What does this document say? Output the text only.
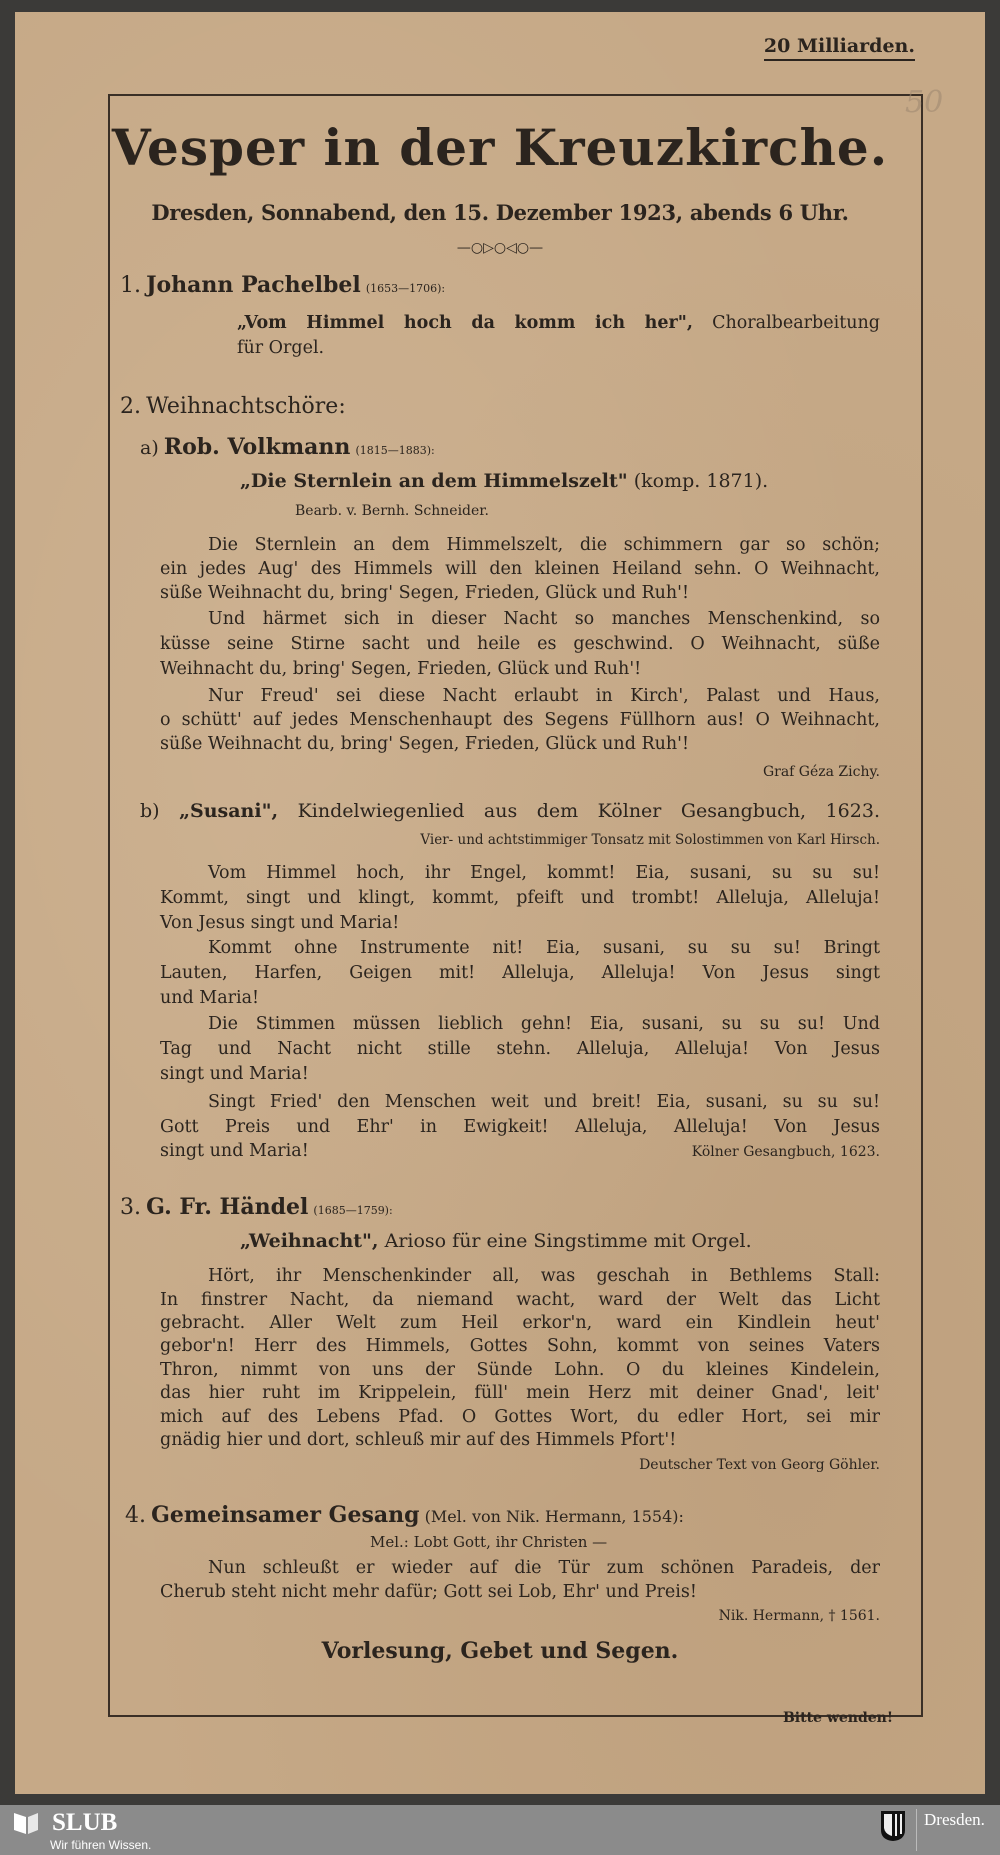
20 Milliarden.
50
Vesper in der Kreuzkirche.
Dresden, Sonnabend, den 15. Dezember 1923, abends 6 Uhr.
—○▷○◁○—
1. Johann Pachelbel (1653—1706):
„Vom Himmel hoch da komm ich her", Choralbearbeitung
für Orgel.
2. Weihnachtschöre:
a) Rob. Volkmann (1815—1883):
„Die Sternlein an dem Himmelszelt" (komp. 1871).
Bearb. v. Bernh. Schneider.
Die Sternlein an dem Himmelszelt, die schimmern gar so schön;
ein jedes Aug' des Himmels will den kleinen Heiland sehn. O Weihnacht,
süße Weihnacht du, bring' Segen, Frieden, Glück und Ruh'!
Und härmet sich in dieser Nacht so manches Menschenkind, so
küsse seine Stirne sacht und heile es geschwind. O Weihnacht, süße
Weihnacht du, bring' Segen, Frieden, Glück und Ruh'!
Nur Freud' sei diese Nacht erlaubt in Kirch', Palast und Haus,
o schütt' auf jedes Menschenhaupt des Segens Füllhorn aus! O Weihnacht,
süße Weihnacht du, bring' Segen, Frieden, Glück und Ruh'!
Graf Géza Zichy.
b) „Susani", Kindelwiegenlied aus dem Kölner Gesangbuch, 1623.
Vier- und achtstimmiger Tonsatz mit Solostimmen von Karl Hirsch.
Vom Himmel hoch, ihr Engel, kommt! Eia, susani, su su su!
Kommt, singt und klingt, kommt, pfeift und trombt! Alleluja, Alleluja!
Von Jesus singt und Maria!
Kommt ohne Instrumente nit! Eia, susani, su su su! Bringt
Lauten, Harfen, Geigen mit! Alleluja, Alleluja! Von Jesus singt
und Maria!
Die Stimmen müssen lieblich gehn! Eia, susani, su su su! Und
Tag und Nacht nicht stille stehn. Alleluja, Alleluja! Von Jesus
singt und Maria!
Singt Fried' den Menschen weit und breit! Eia, susani, su su su!
Gott Preis und Ehr' in Ewigkeit! Alleluja, Alleluja! Von Jesus
singt und Maria!	Kölner Gesangbuch, 1623.
3. G. Fr. Händel (1685—1759):
„Weihnacht", Arioso für eine Singstimme mit Orgel.
Hört, ihr Menschenkinder all, was geschah in Bethlems Stall:
In finstrer Nacht, da niemand wacht, ward der Welt das Licht
gebracht. Aller Welt zum Heil erkor'n, ward ein Kindlein heut'
gebor'n! Herr des Himmels, Gottes Sohn, kommt von seines Vaters
Thron, nimmt von uns der Sünde Lohn. O du kleines Kindelein,
das hier ruht im Krippelein, füll' mein Herz mit deiner Gnad', leit'
mich auf des Lebens Pfad. O Gottes Wort, du edler Hort, sei mir
gnädig hier und dort, schleuß mir auf des Himmels Pfort'!
Deutscher Text von Georg Göhler.
4. Gemeinsamer Gesang (Mel. von Nik. Hermann, 1554):
Mel.: Lobt Gott, ihr Christen —
Nun schleußt er wieder auf die Tür zum schönen Paradeis, der
Cherub steht nicht mehr dafür; Gott sei Lob, Ehr' und Preis!
Nik. Hermann, † 1561.
Vorlesung, Gebet und Segen.
Bitte wenden!
SLUB
Wir führen Wissen.
Dresden.
